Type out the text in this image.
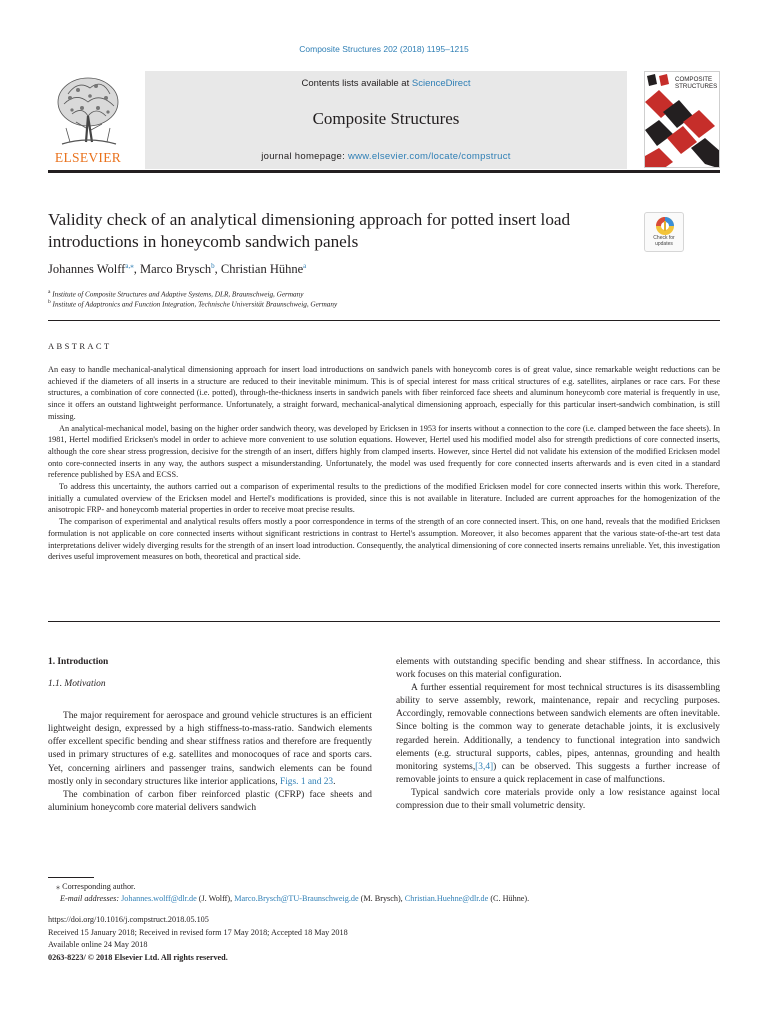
Composite Structures 202 (2018) 1195–1215
ELSEVIER
Contents lists available at ScienceDirect
Composite Structures
journal homepage: www.elsevier.com/locate/compstruct
COMPOSITE
STRUCTURES
Validity check of an analytical dimensioning approach for potted insert load introductions in honeycomb sandwich panels	Check for
updates
Johannes Wolff$^{a,⁎}$, Marco Brysch$^b$, Christian Hühne$^a$
$^a$ Institute of Composite Structures and Adaptive Systems, DLR, Braunschweig, Germany
$^b$ Institute of Adaptronics and Function Integration, Technische Universität Braunschweig, Germany
ABSTRACT

An easy to handle mechanical-analytical dimensioning approach for insert load introductions on sandwich panels with honeycomb cores is of great value, since remarkable weight reductions can be achieved if the diameters of all inserts in a structure are reduced to their inevitable minimum. This is of special interest for mass critical structures of e.g. satellites, airplanes or race cars. For these structures, a combination of core connected (i.e. potted), through-the-thickness inserts in sandwich panels with fiber reinforced face sheets and aluminum honeycomb core material is frequently in use, since it offers an outstand lightweight performance. Unfortunately, a straight forward, mechanical-analytical dimensioning approach, especially for this particular insert-sandwich combination, is still missing.

An analytical-mechanical model, basing on the higher order sandwich theory, was developed by Ericksen in 1953 for inserts without a connection to the core (i.e. clamped between the face sheets). In 1981, Hertel modified Ericksen's model in order to achieve more convenient to use solution equations. However, Hertel used his modified model also for strength predictions of core connected inserts, although the core shear stress progression, decisive for the strength of an insert, differs highly from clamped inserts. However, since Hertel did not validate his extension of the modified Ericksen model onto core-connected inserts in any way, the authors suspect a misunderstanding. Unfortunately, the model was used frequently for core connected inserts afterwards and is even cited in a standard reference published by ESA and ECSS.

To address this uncertainty, the authors carried out a comparison of experimental results to the predictions of the modified Ericksen model for core connected inserts within this work. Therefore, initially a cumulated overview of the Ericksen model and Hertel's modifications is provided, since this is not available in literature. Included are current approaches for the homogenization of the anisotropic FRP- and honeycomb material properties in order to receive moat precise results.

The comparison of experimental and analytical results offers mostly a poor correspondence in terms of the strength of an core connected insert. This, on one hand, reveals that the modified Ericksen formulation is not applicable on core connected inserts without significant restrictions in contrast to Hertel's assumption. Moreover, it also becomes apparent that the various state-of-the-art test data interpretations deliver widely diverging results for the strength of an insert load introduction. Consequently, the analytical dimensioning of core connected inserts remains unreliable. Yet, this investigation derives useful improvement measures on both, theoretical and practical side.

1. Introduction
1.1. Motivation

The major requirement for aerospace and ground vehicle structures is an efficient lightweight design, expressed by a high stiffness-to-mass-ratio. Sandwich elements offer excellent specific bending and shear stiffness ratios and therefore are frequently used in primary structures of e.g. satellites and monocoques of race and sports cars. Yet, concerning airliners and passenger trains, sandwich elements can be found mostly only in secondary structures like interior applications, Figs. 1 and 23.

The combination of carbon fiber reinforced plastic (CFRP) face sheets and aluminium honeycomb core material delivers sandwich

elements with outstanding specific bending and shear stiffness. In accordance, this work focuses on this material configuration.

A further essential requirement for most technical structures is its disassembling ability to serve assembly, rework, maintenance, repair and recycling purposes. Accordingly, removable connections between sandwich elements are often inevitable. Since bolting is the common way to generate detachable joints, it is exclusively regarded herein. Additionally, a tendency to functional integration into sandwich elements (e.g. structural supports, cables, pipes, antennas, grounding and health monitoring systems,[3,4]) can be observed. This suggests a further increase of removable joints to ensure a quick replacement in case of malfunctions.

Typical sandwich core materials provide only a low resistance against local compression due to their small volumetric density.

⁎ Corresponding author.
E-mail addresses: Johannes.wolff@dlr.de (J. Wolff), Marco.Brysch@TU-Braunschweig.de (M. Brysch), Christian.Huehne@dlr.de (C. Hühne).
https://doi.org/10.1016/j.compstruct.2018.05.105
Received 15 January 2018; Received in revised form 17 May 2018; Accepted 18 May 2018
Available online 24 May 2018
0263-8223/ © 2018 Elsevier Ltd. All rights reserved.
